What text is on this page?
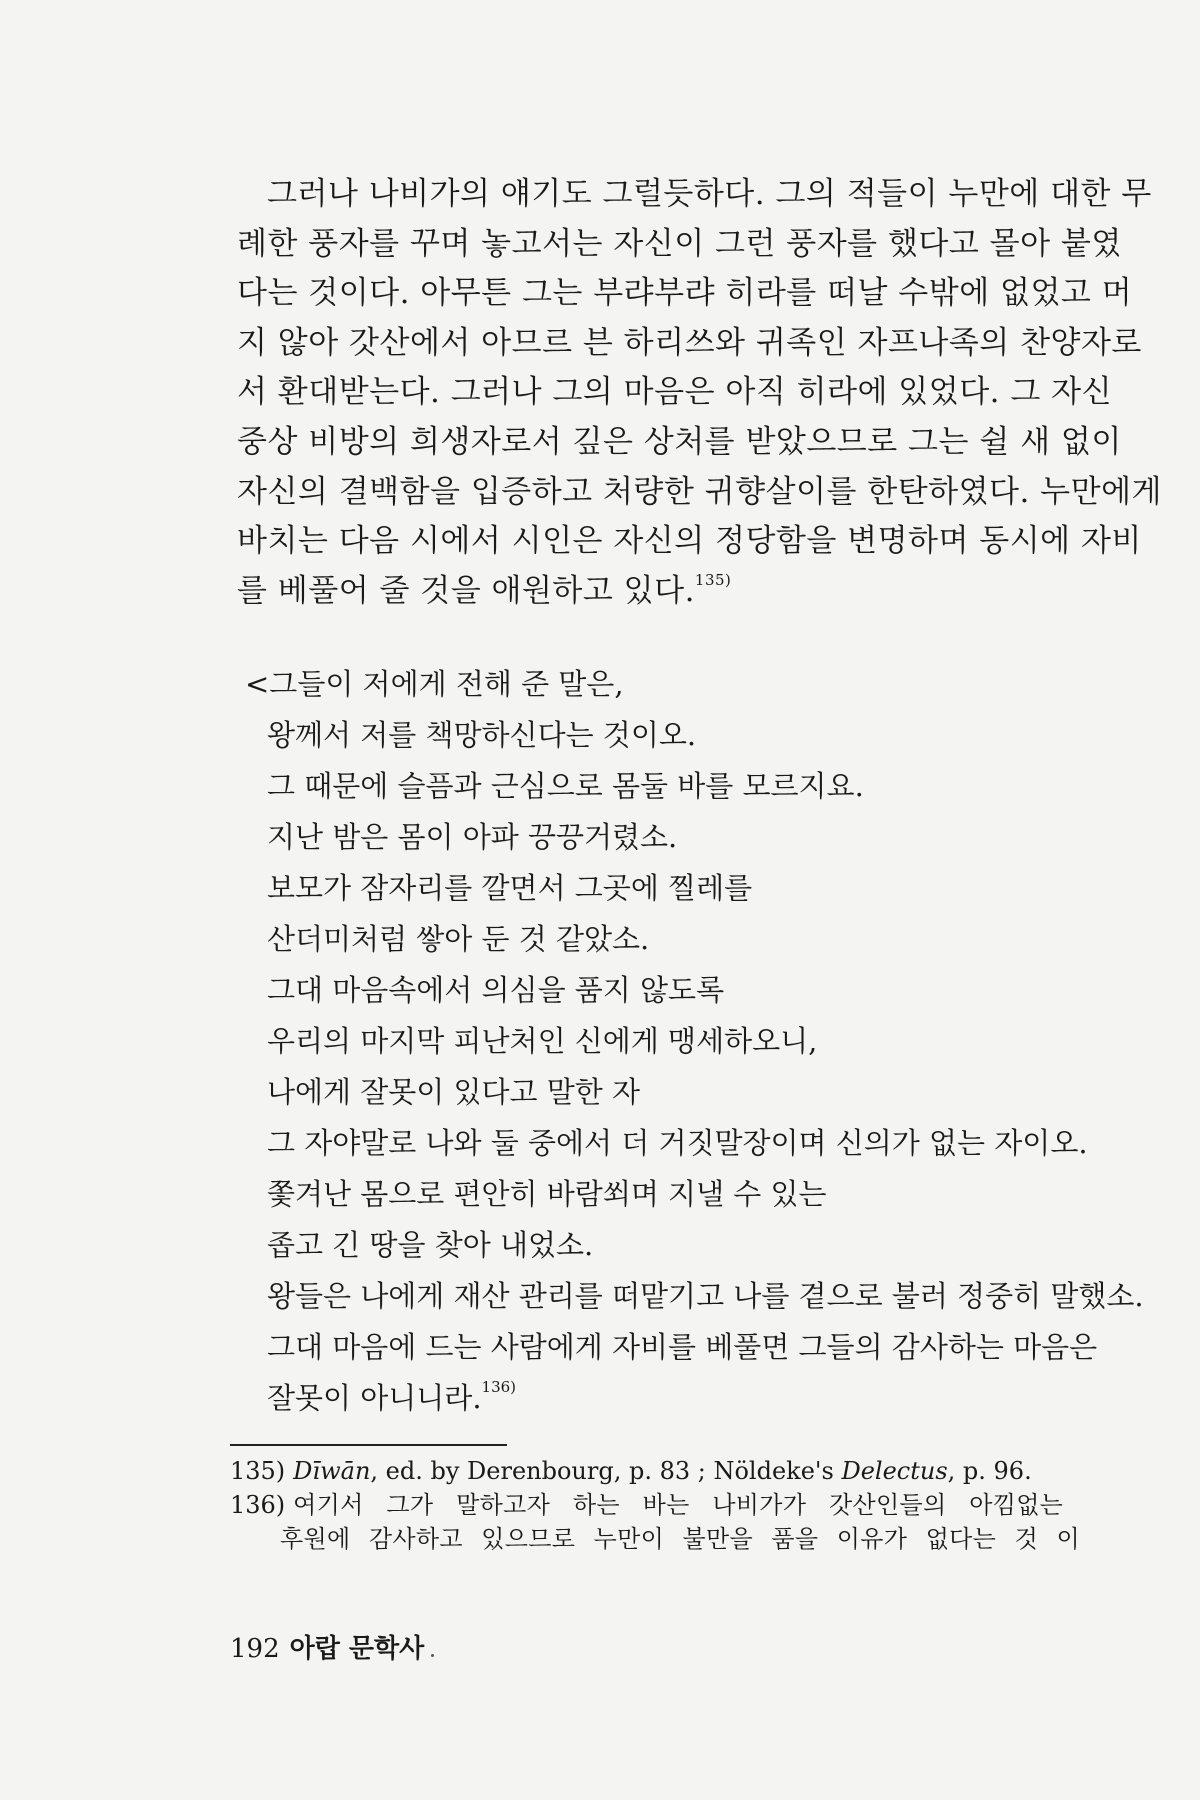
그러나 나비가의 얘기도 그럴듯하다. 그의 적들이 누만에 대한 무
례한 풍자를 꾸며 놓고서는 자신이 그런 풍자를 했다고 몰아 붙였
다는 것이다. 아무튼 그는 부랴부랴 히라를 떠날 수밖에 없었고 머
지 않아 갓산에서 아므르 븐 하리쓰와 귀족인 자프나족의 찬양자로
서 환대받는다. 그러나 그의 마음은 아직 히라에 있었다. 그 자신
중상 비방의 희생자로서 깊은 상처를 받았으므로 그는 쉴 새 없이
자신의 결백함을 입증하고 처량한 귀향살이를 한탄하였다. 누만에게
바치는 다음 시에서 시인은 자신의 정당함을 변명하며 동시에 자비
를 베풀어 줄 것을 애원하고 있다.$^{135)}$
<그들이 저에게 전해 준 말은,
왕께서 저를 책망하신다는 것이오.
그 때문에 슬픔과 근심으로 몸둘 바를 모르지요.
지난 밤은 몸이 아파 끙끙거렸소.
보모가 잠자리를 깔면서 그곳에 찔레를
산더미처럼 쌓아 둔 것 같았소.
그대 마음속에서 의심을 품지 않도록
우리의 마지막 피난처인 신에게 맹세하오니,
나에게 잘못이 있다고 말한 자
그 자야말로 나와 둘 중에서 더 거짓말장이며 신의가 없는 자이오.
쫓겨난 몸으로 편안히 바람쐬며 지낼 수 있는
좁고 긴 땅을 찾아 내었소.
왕들은 나에게 재산 관리를 떠맡기고 나를 곁으로 불러 정중히 말했소.
그대 마음에 드는 사람에게 자비를 베풀면 그들의 감사하는 마음은
잘못이 아니니라.$^{136)}$
135) Dīwān, ed. by Derenbourg, p. 83 ; Nöldeke's Delectus, p. 96.
136) 여기서 그가 말하고자 하는 바는 나비가가 갓산인들의 아낌없는
후원에 감사하고 있으므로 누만이 불만을 품을 이유가 없다는 것 이
192 아랍 문학사
